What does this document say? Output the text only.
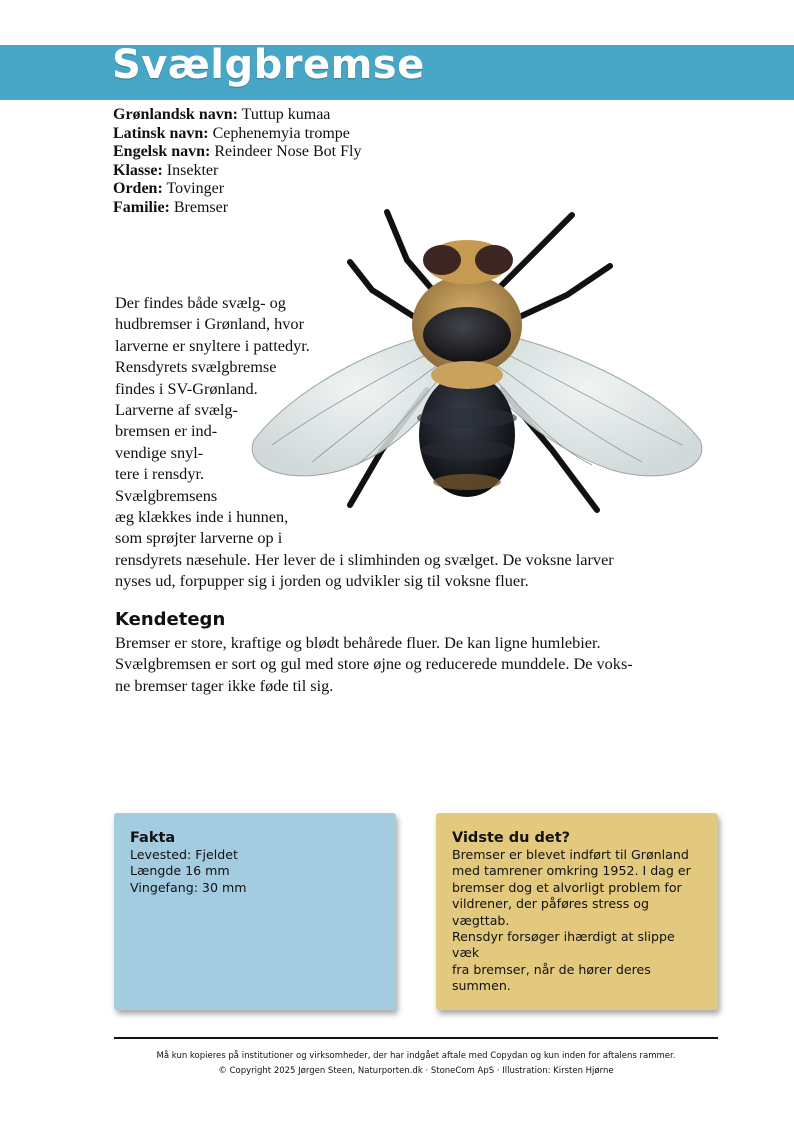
Svælgbremse
Grønlandsk navn: Tuttup kumaa
Latinsk navn: Cephenemyia trompe
Engelsk navn: Reindeer Nose Bot Fly
Klasse: Insekter
Orden: Tovinger
Familie: Bremser
Der findes både svælg- og
hudbremser i Grønland, hvor
larverne er snyltere i pattedyr.
Rensdyrets svælgbremse
findes i SV-Grønland.
Larverne af svælg-
bremsen er ind-
vendige snyl-
tere i rensdyr.
Svælgbremsens
æg klækkes inde i hunnen,
som sprøjter larverne op i
rensdyrets næsehule. Her lever de i slimhinden og svælget. De voksne larver
nyses ud, forpupper sig i jorden og udvikler sig til voksne fluer.
Kendetegn
Bremser er store, kraftige og blødt behårede fluer. De kan ligne humlebier.
Svælgbremsen er sort og gul med store øjne og reducerede munddele. De voks-
ne bremser tager ikke føde til sig.
Fakta

Levested: Fjeldet

Længde 16 mm

Vingefang: 30 mm

Vidste du det?

Bremser er blevet indført til Grønland

med tamrener omkring 1952. I dag er

bremser dog et alvorligt problem for

vildrener, der påføres stress og vægttab.

Rensdyr forsøger ihærdigt at slippe væk

fra bremser, når de hører deres summen.

Må kun kopieres på institutioner og virksomheder, der har indgået aftale med Copydan og kun inden for aftalens rammer.
© Copyright 2025 Jørgen Steen, Naturporten.dk · StoneCom ApS · Illustration: Kirsten Hjørne
